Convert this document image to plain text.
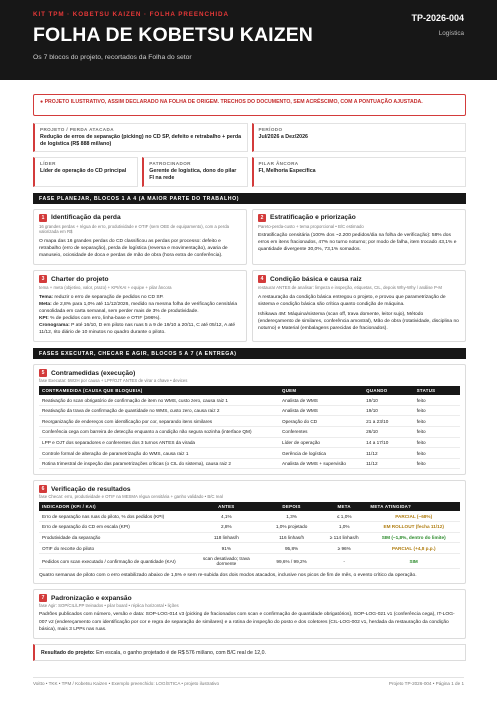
KIT TPM · KOBETSU KAIZEN · FOLHA PREENCHIDA
FOLHA DE KOBETSU KAIZEN
Os 7 blocos do projeto, recortados da Folha do setor
TP-2026-004
Logística
● PROJETO ILUSTRATIVO, ASSIM DECLARADO NA FOLHA DE ORIGEM. TRECHOS DO DOCUMENTO, SEM ACRÉSCIMO, COM A PONTUAÇÃO AJUSTADA.
PROJETO / PERDA ATACADA
Redução de erros de separação (picking) no CD SP, defeito e retrabalho + perda de logística (R$ 888 mil/ano)
PERÍODO
Jul/2026 a Dez/2026
LÍDER
Líder de operação do CD principal
PATROCINADOR
Gerente de logística, dono do pilar FI na rede
PILAR ÂNCORA
FI, Melhoria Específica
FASE PLANEJAR, BLOCOS 1 A 4 (A MAIOR PARTE DO TRABALHO)
1	Identificação da perda
16 grandes perdas + régua de erro, produtividade e OTIF (sem OEE de equipamento), com a perda valorizada em R$
O mapa das 16 grandes perdas do CD classificou as perdas por processo: defeito e retrabalho (erro de separação), perda de logística (reversa e movimentação), avaria de manuseio, ociosidade de doca e perdas de mão de obra (hora extra de conferência).
2	Estratificação e priorização
Pareto-perda-custo + tema proporcional • B/C estimado
Estratificação censitária (100% dos ~2.200 pedidos/dia na folha de verificação): 58% dos erros em itens fracionados, 47% no turno noturno; por modo de falha, item trocado 43,1% e quantidade divergente 30,0%, 73,1% somados.
3	Charter do projeto
tema + meta (objetivo, valor, prazo) + KPI/KAI + equipe + pilar âncora
Tema: reduzir o erro de separação de pedidos no CD SP.
Meta: de 2,8% para 1,0% até 11/12/2026, medido na mesma folha de verificação censitária consolidada em carta semanal, sem perder mais de 3% de produtividade.
KPI: % de pedidos com erro, linha-base e OTIF (≥96%).
Cronograma: P até 16/10, D em piloto nas ruas 5 a 9 de 19/10 a 20/11, C até 05/12, A até 11/12, rito diário de 10 minutos no quadro durante o piloto.
4	Condição básica e causa raiz
restaurar ANTES de analisar: limpeza e inspeção, etiquetas, CIL, depois Why-Why / análise P-M
A restauração da condição básica entregou o projeto, e provou que parametrização de sistema e condição básica são crítica quanto condição de máquina.
Ishikawa 4M: Máquina/sistema (scan off, trava domente, leitor sujo), Método (endereçamento de similares, conferência amostral), Mão de obra (rotatividade, disciplina no noturno) e Material (embalagens parecidas de fracionados).
FASES EXECUTAR, CHECAR E AGIR, BLOCOS 5 A 7 (A ENTREGA)
5	Contramedidas (execução)
fase Executar: 5W2H por causa + LPP/OJT ANTES de virar a chave • devices
CONTRAMEDIDA (CAUSA QUE BLOQUEIA)	QUEM	QUANDO	STATUS
Reativação do scan obrigatório de confirmação de item no WMS, custo zero, causa raiz 1	Analista de WMS	19/10	feito
Reativação da trava de confirmação de quantidade no WMS, custo zero, causa raiz 2	Analista de WMS	19/10	feito
Reorganização de endereços com identificação por cor, separando itens similares	Operação do CD	21 a 23/10	feito
Conferência cega com barreira de detecção enquanto a condição não segura sozinha (interface QM)	Conferentes	26/10	feito
LPP e OJT dos separadores e conferentes dos 3 turnos ANTES da virada	Líder de operação	14 a 17/10	feito
Controle formal de alteração de parametrização do WMS, causa raiz 1	Gerência de logística	11/12	feito
Rotina trimestral de inspeção das parametrizações críticas (o CIL do sistema), causa raiz 2	Analista de WMS + supervisão	11/12	feito
6	Verificação de resultados
fase Checar: erro, produtividade e OTIF na MESMA régua censitária + ganho validado • B/C real
INDICADOR (KPI / KAI)	ANTES	DEPOIS	META	META ATINGIDA?
Erro de separação nas ruas do piloto, % dos pedidos (KPI)	4,1%	1,3%	≤ 1,0%	PARCIAL (−68%)
Erro de separação do CD em escala (KPI)	2,8%	1,0% projetado	1,0%	EM ROLLOUT (fecha 11/12)
Produtividade da separação	118 linhas/h	116 linhas/h	≥ 114 linhas/h	SIM (−1,8%, dentro do limite)
OTIF do recorte do piloto	91%	95,8%	≥ 96%	PARCIAL (+4,8 p.p.)
Pedidos com scan executado / confirmação de quantidade (KAI)	scan desativado; trava dormente	99,6% / 99,2%	-	SIM
Quatro semanas de piloto com o erro estabilizado abaixo de 1,5% e sem re-subida dos dois modos atacados, inclusive nos picos de fim de mês, o evento crítico da operação.
7	Padronização e expansão
fase Agir: SOP/CIL/LPP treinados • pilar board • réplica horizontal • lições
Padrões publicados com número, versão e data: SOP-LOG-014 v3 (picking de fracionados com scan e confirmação de quantidade obrigatórios), SOP-LOG-021 v1 (conferência cega), IT-LOG-007 v2 (endereçamento com identificação por cor e regra de separação de similares) e a rotina de inspeção do posto e dos coletores (CIL-LOG-002 v1, herdada da restauração da condição básica), mais 3 LPPs nas ruas.
Resultado do projeto: Em escala, o ganho projetado é de R$ 576 mil/ano, com B/C real de 12,0.
Voitto • TKK • TPM / Kobetsu Kaizen • Exemplo preenchido: LOGÍSTICA • projeto ilustrativo	Projeto TP-2026-004 • Página 1 de 1
